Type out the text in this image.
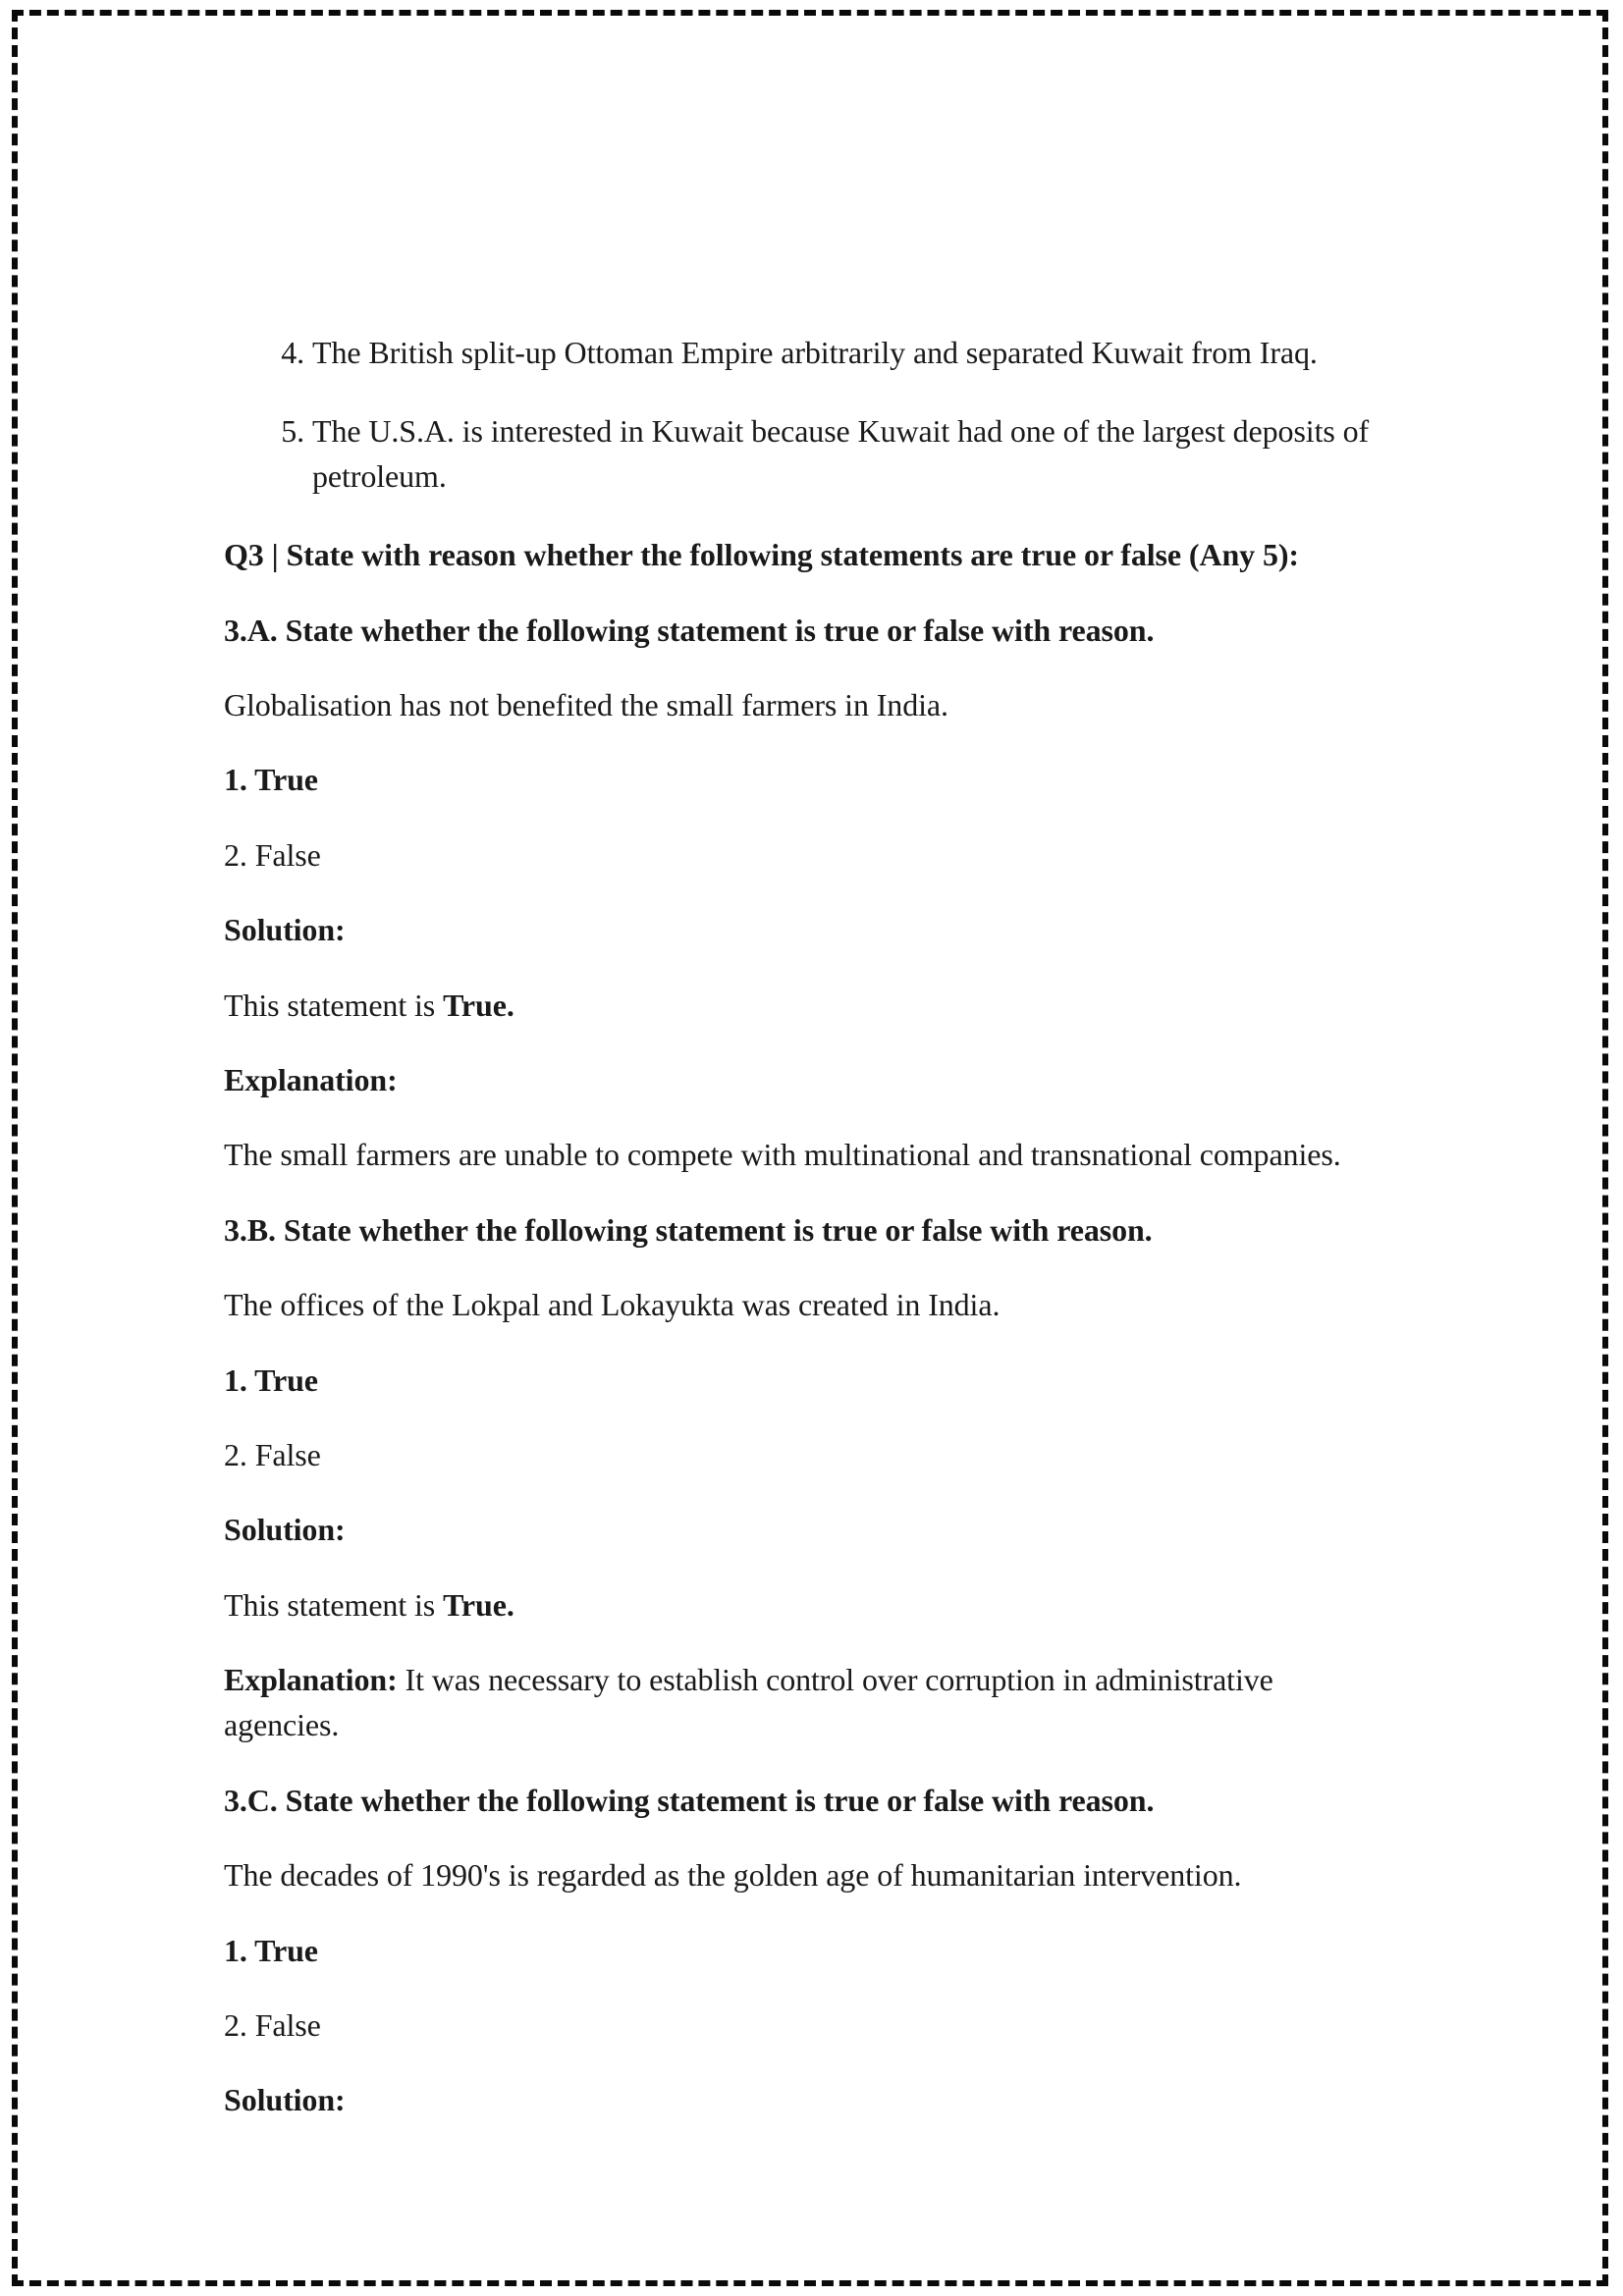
4. The British split-up Ottoman Empire arbitrarily and separated Kuwait from Iraq.
5. The U.S.A. is interested in Kuwait because Kuwait had one of the largest deposits of petroleum.

Q3 | State with reason whether the following statements are true or false (Any 5):

3.A. State whether the following statement is true or false with reason.

Globalisation has not benefited the small farmers in India.

1. True

2. False

Solution:

This statement is True.

Explanation:

The small farmers are unable to compete with multinational and transnational companies.

3.B. State whether the following statement is true or false with reason.

The offices of the Lokpal and Lokayukta was created in India.

1. True

2. False

Solution:

This statement is True.

Explanation: It was necessary to establish control over corruption in administrative agencies.

3.C. State whether the following statement is true or false with reason.

The decades of 1990's is regarded as the golden age of humanitarian intervention.

1. True

2. False

Solution:
